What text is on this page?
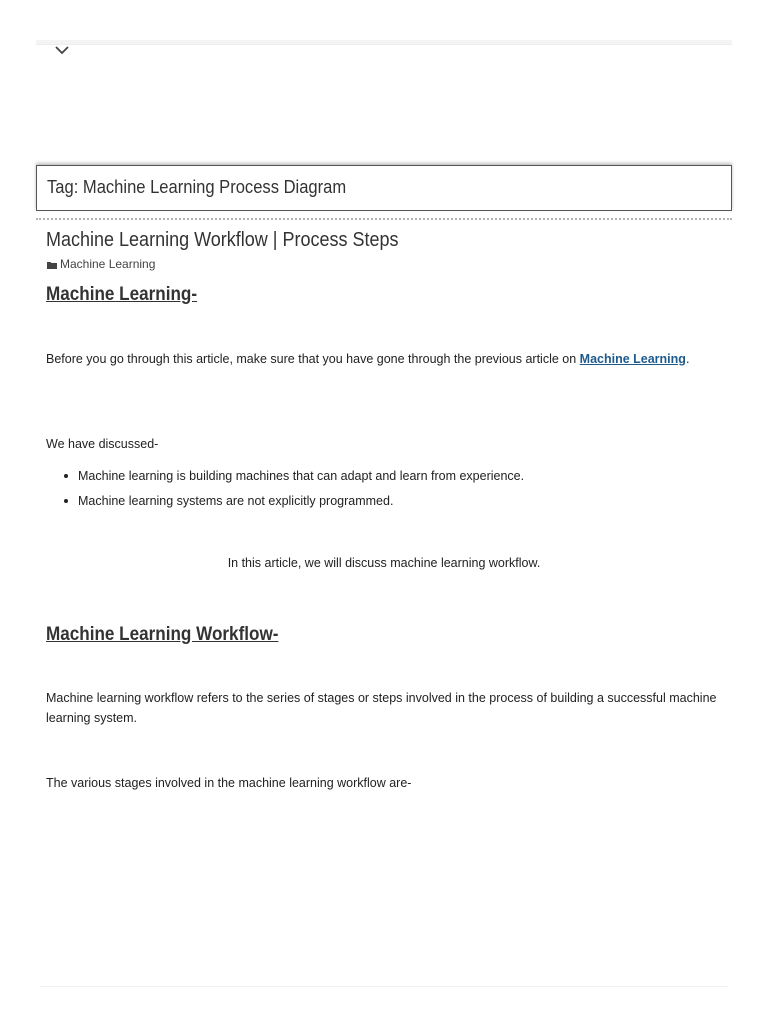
Tag: Machine Learning Process Diagram
Machine Learning Workflow | Process Steps
Machine Learning
Machine Learning-

Before you go through this article, make sure that you have gone through the previous article on Machine Learning.

We have discussed-

Machine learning is building machines that can adapt and learn from experience.
Machine learning systems are not explicitly programmed.

In this article, we will discuss machine learning workflow.

Machine Learning Workflow-

Machine learning workflow refers to the series of stages or steps involved in the process of building a successful machine learning system.

The various stages involved in the machine learning workflow are-
